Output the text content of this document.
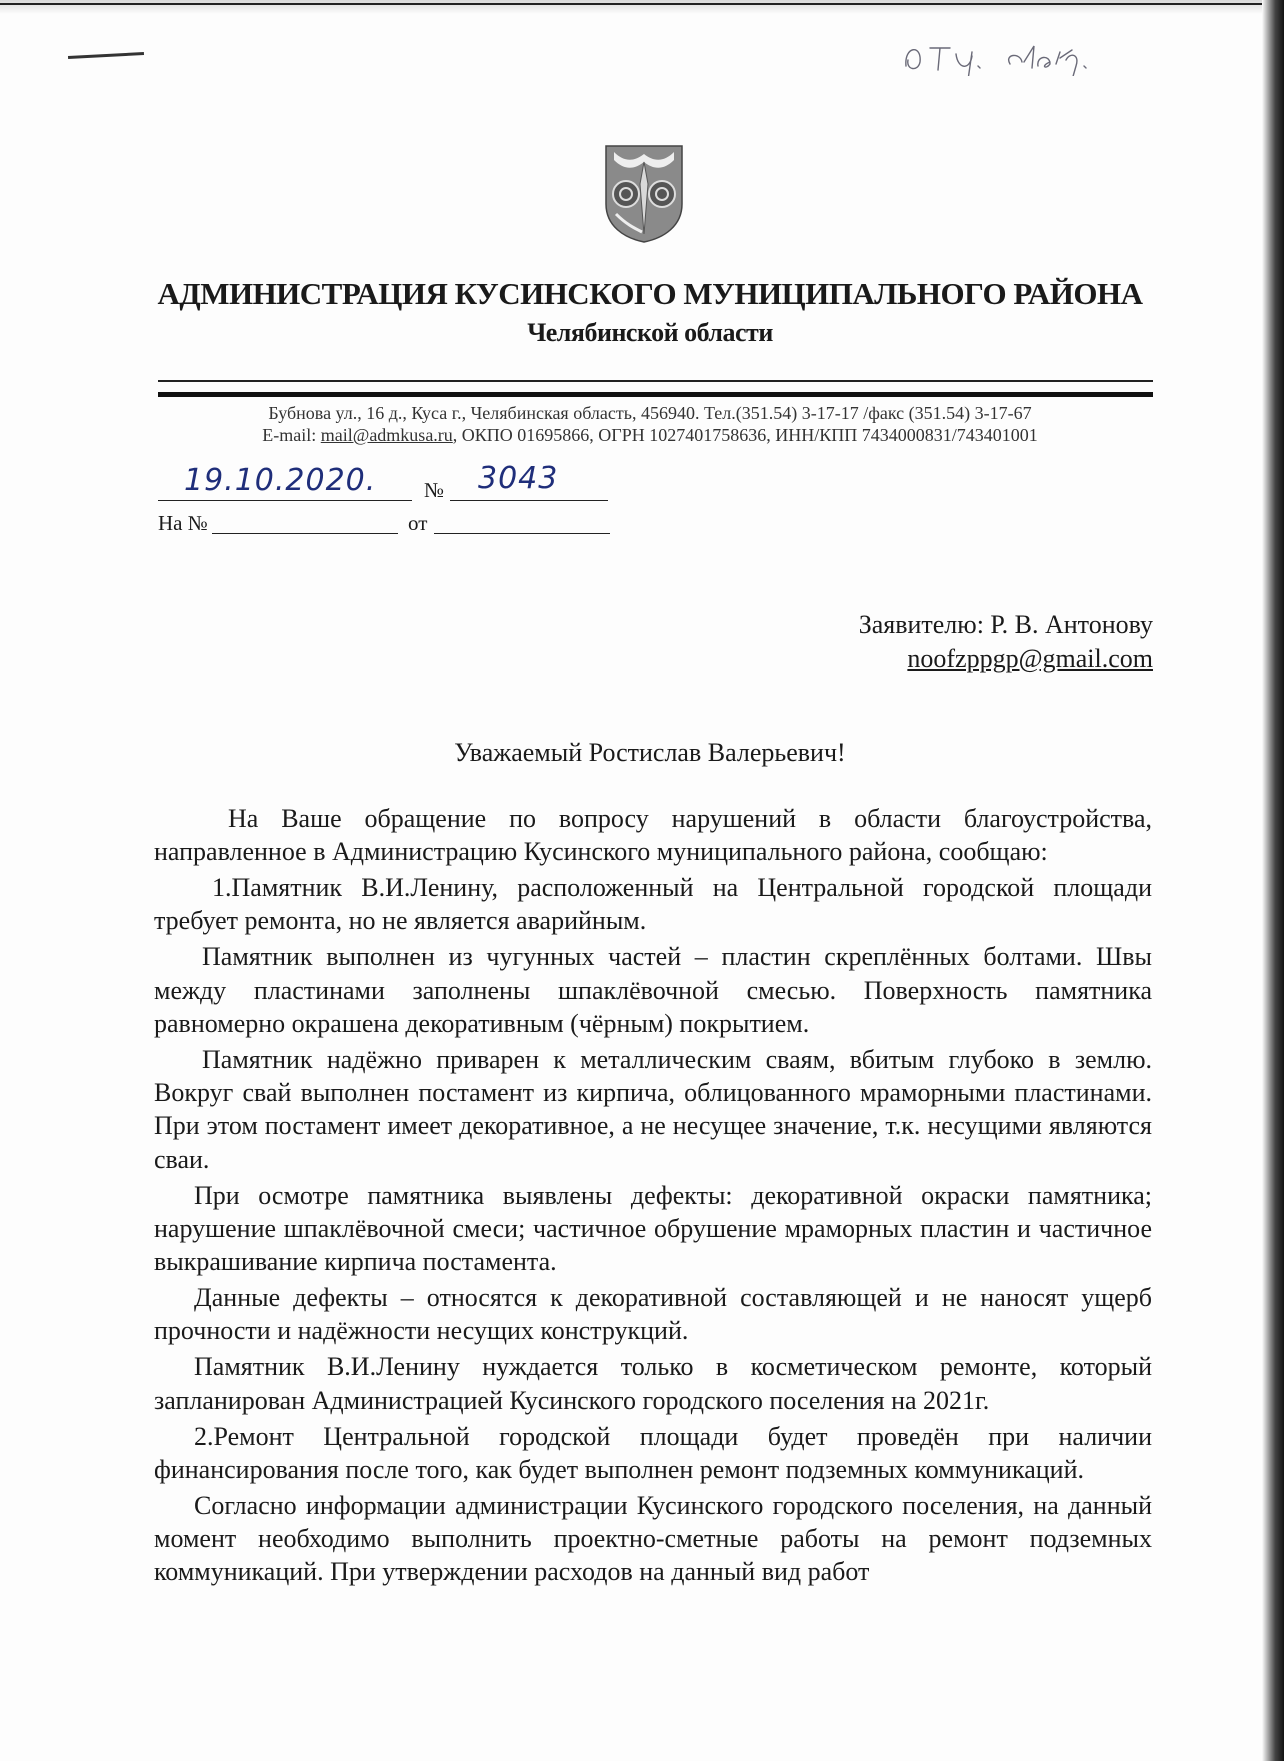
АДМИНИСТРАЦИЯ КУСИНСКОГО МУНИЦИПАЛЬНОГО РАЙОНА
Челябинской области
Бубнова ул., 16 д., Куса г., Челябинская область, 456940. Тел.(351.54) 3-17-17 /факс (351.54) 3-17-67
E-mail: mail@admkusa.ru, ОКПО 01695866, ОГРН 1027401758636, ИНН/КПП 7434000831/743401001
19.10.2020. № 3043
На №	от
Заявителю: Р. В. Антонову
noofzppgp@gmail.com
Уважаемый Ростислав Валерьевич!

На Ваше обращение по вопросу нарушений в области благоустройства, направленное в Администрацию Кусинского муниципального района, сообщаю:

1.Памятник В.И.Ленину, расположенный на Центральной городской площади требует ремонта, но не является аварийным.

Памятник выполнен из чугунных частей – пластин скреплённых болтами. Швы между пластинами заполнены шпаклёвочной смесью. Поверхность памятника равномерно окрашена декоративным (чёрным) покрытием.

Памятник надёжно приварен к металлическим сваям, вбитым глубоко в землю. Вокруг свай выполнен постамент из кирпича, облицованного мраморными пластинами. При этом постамент имеет декоративное, а не несущее значение, т.к. несущими являются сваи.

При осмотре памятника выявлены дефекты: декоративной окраски памятника; нарушение шпаклёвочной смеси; частичное обрушение мраморных пластин и частичное выкрашивание кирпича постамента.

Данные дефекты – относятся к декоративной составляющей и не наносят ущерб прочности и надёжности несущих конструкций.

Памятник В.И.Ленину нуждается только в косметическом ремонте, который запланирован Администрацией Кусинского городского поселения на 2021г.

2.Ремонт Центральной городской площади будет проведён при наличии финансирования после того, как будет выполнен ремонт подземных коммуникаций.

Согласно информации администрации Кусинского городского поселения, на данный момент необходимо выполнить проектно-сметные работы на ремонт подземных коммуникаций. При утверждении расходов на данный вид работ
